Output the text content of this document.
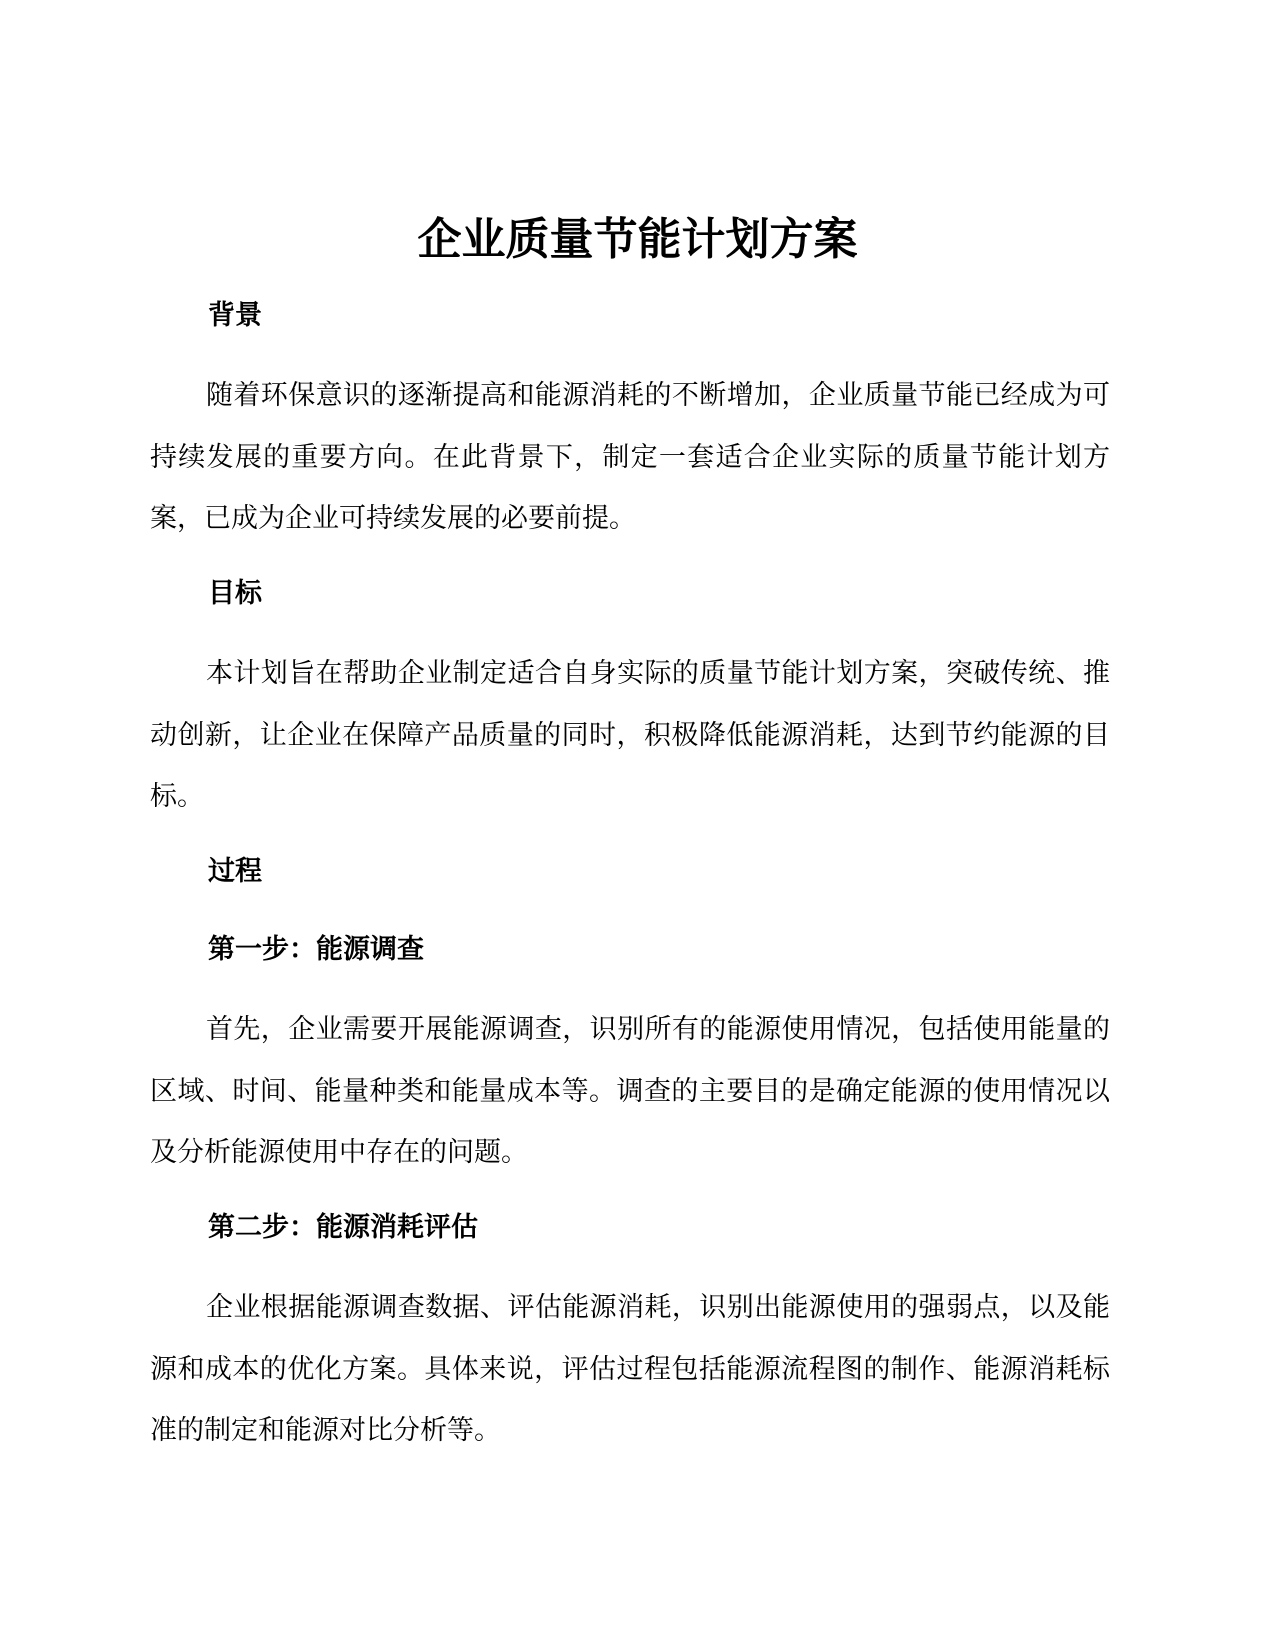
企业质量节能计划方案
背景
随着环保意识的逐渐提高和能源消耗的不断增加，企业质量节能已经成为可持续发展的重要方向。在此背景下，制定一套适合企业实际的质量节能计划方案，已成为企业可持续发展的必要前提。
目标
本计划旨在帮助企业制定适合自身实际的质量节能计划方案，突破传统、推动创新，让企业在保障产品质量的同时，积极降低能源消耗，达到节约能源的目标。
过程
第一步：能源调查
首先，企业需要开展能源调查，识别所有的能源使用情况，包括使用能量的区域、时间、能量种类和能量成本等。调查的主要目的是确定能源的使用情况以及分析能源使用中存在的问题。
第二步：能源消耗评估
企业根据能源调查数据、评估能源消耗，识别出能源使用的强弱点，以及能源和成本的优化方案。具体来说，评估过程包括能源流程图的制作、能源消耗标准的制定和能源对比分析等。
